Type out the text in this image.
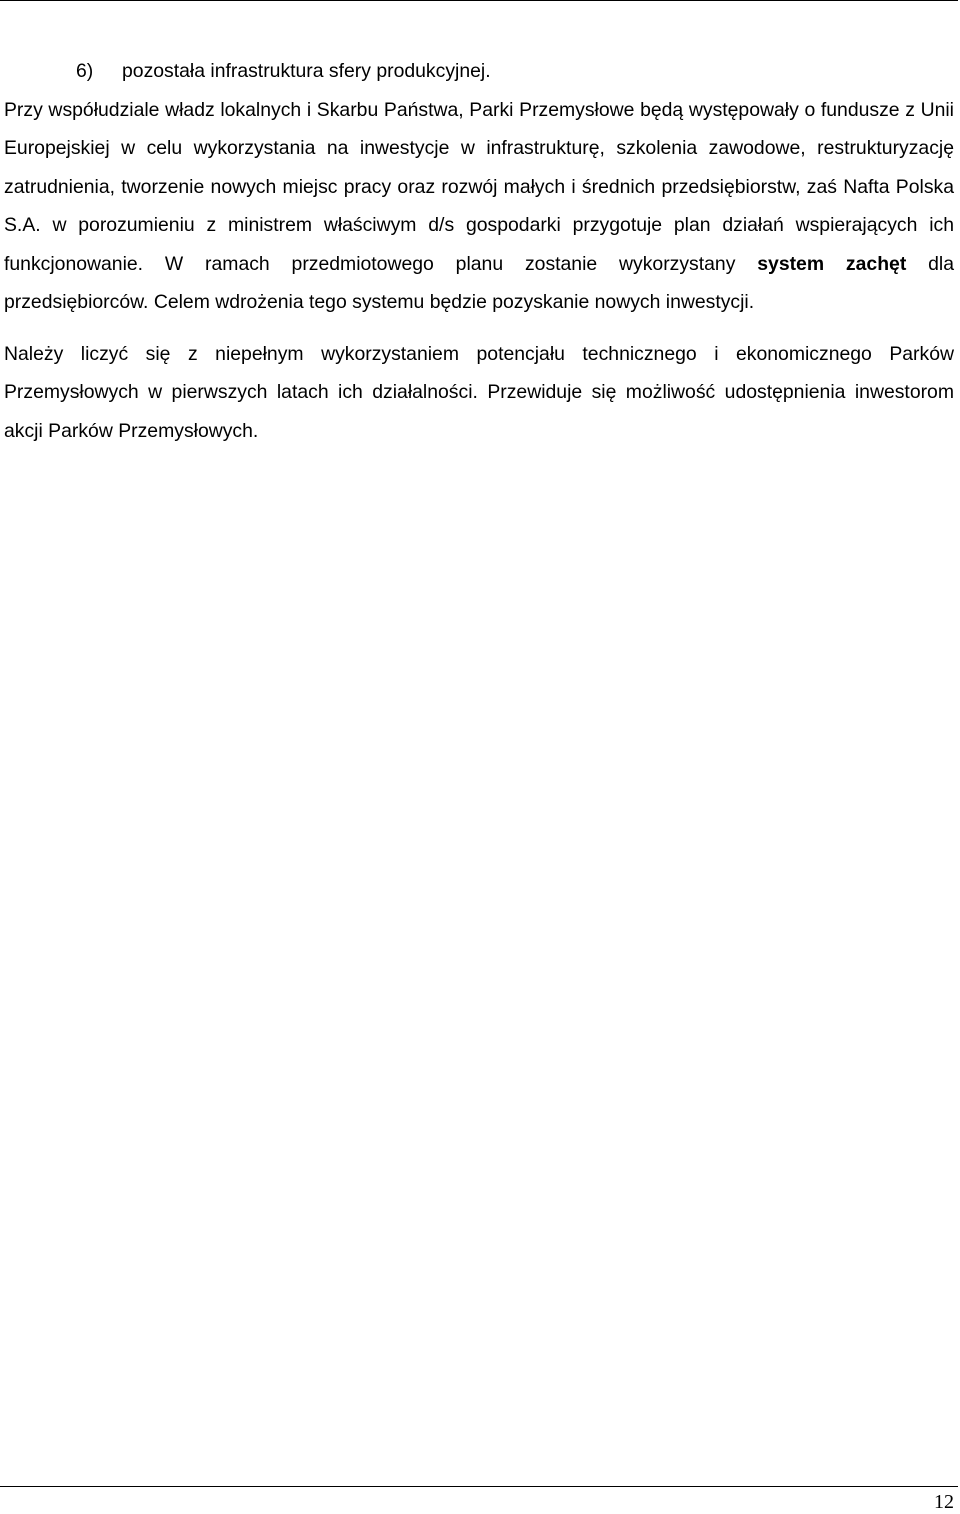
6) pozostała infrastruktura sfery produkcyjnej.

Przy współudziale władz lokalnych i Skarbu Państwa, Parki Przemysłowe będą występowały o fundusze z Unii Europejskiej w celu wykorzystania na inwestycje w infrastrukturę, szkolenia zawodowe, restrukturyzację zatrudnienia, tworzenie nowych miejsc pracy oraz rozwój małych i średnich przedsiębiorstw, zaś Nafta Polska S.A. w porozumieniu z ministrem właściwym d/s gospodarki przygotuje plan działań wspierających ich funkcjonowanie. W ramach przedmiotowego planu zostanie wykorzystany system zachęt dla przedsiębiorców. Celem wdrożenia tego systemu będzie pozyskanie nowych inwestycji.

Należy liczyć się z niepełnym wykorzystaniem potencjału technicznego i ekonomicznego Parków Przemysłowych w pierwszych latach ich działalności. Przewiduje się możliwość udostępnienia inwestorom akcji Parków Przemysłowych.

12
